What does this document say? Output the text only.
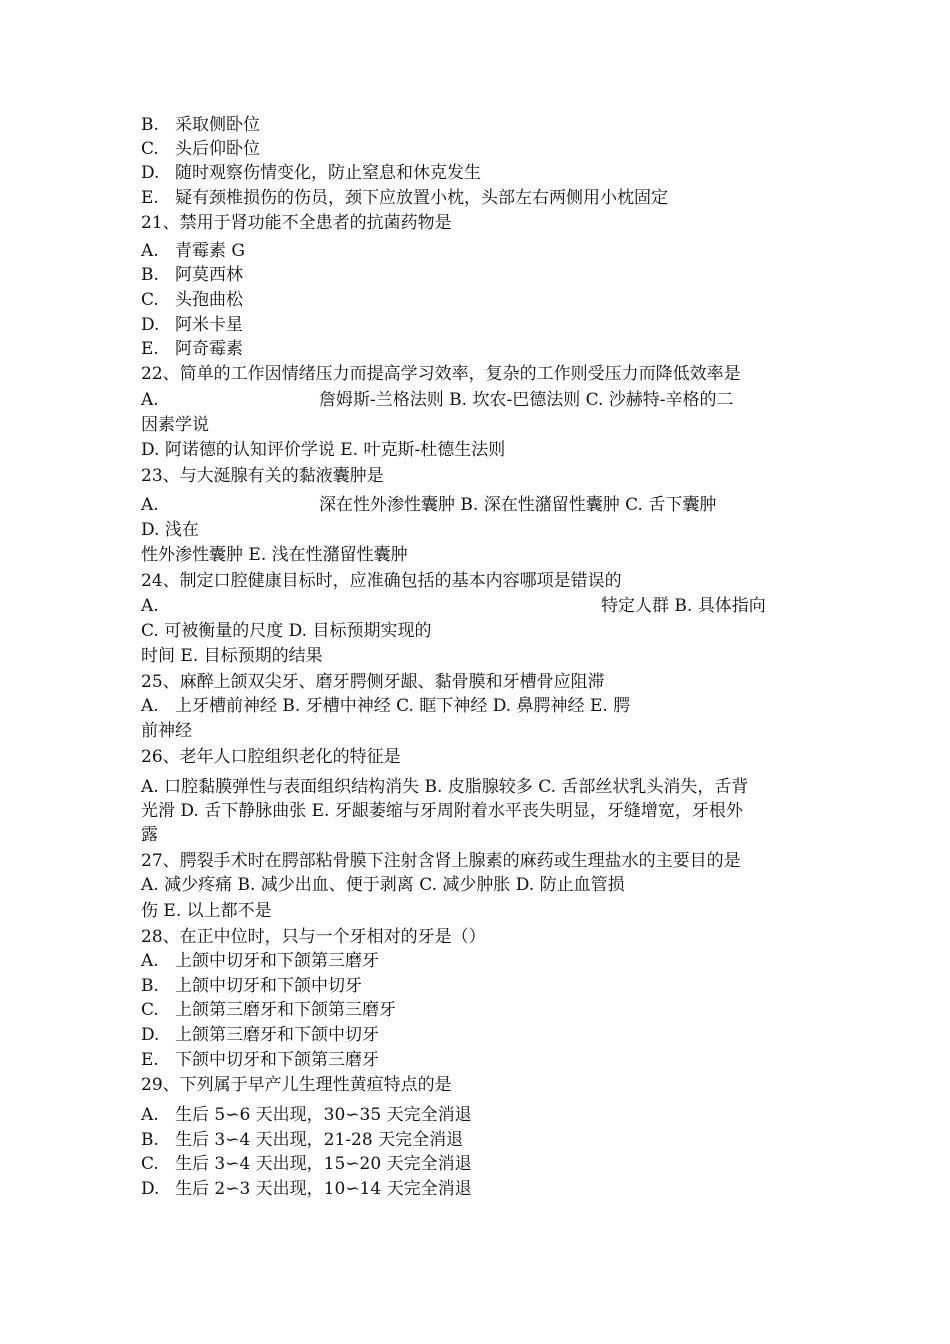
B. 采取侧卧位
C. 头后仰卧位
D. 随时观察伤情变化，防止窒息和休克发生
E. 疑有颈椎损伤的伤员，颈下应放置小枕，头部左右两侧用小枕固定
21、禁用于肾功能不全患者的抗菌药物是
A. 青霉素 G
B. 阿莫西林
C. 头孢曲松
D. 阿米卡星
E. 阿奇霉素
22、简单的工作因情绪压力而提高学习效率，复杂的工作则受压力而降低效率是
A.	詹姆斯-兰格法则 B. 坎农-巴德法则 C. 沙赫特-辛格的二
因素学说
D. 阿诺德的认知评价学说 E. 叶克斯-杜德生法则
23、与大涎腺有关的黏液囊肿是
A.	深在性外渗性囊肿 B. 深在性潴留性囊肿 C. 舌下囊肿
D. 浅在
性外渗性囊肿 E. 浅在性潴留性囊肿
24、制定口腔健康目标时，应准确包括的基本内容哪项是错误的
A.	特定人群 B. 具体指向
C. 可被衡量的尺度 D. 目标预期实现的
时间 E. 目标预期的结果
25、麻醉上颌双尖牙、磨牙腭侧牙龈、黏骨膜和牙槽骨应阻滞
A. 上牙槽前神经 B. 牙槽中神经 C. 眶下神经 D. 鼻腭神经 E. 腭
前神经
26、老年人口腔组织老化的特征是
A. 口腔黏膜弹性与表面组织结构消失 B. 皮脂腺较多 C. 舌部丝状乳头消失，舌背
光滑 D. 舌下静脉曲张 E. 牙龈萎缩与牙周附着水平丧失明显，牙缝增宽，牙根外
露
27、腭裂手术时在腭部粘骨膜下注射含肾上腺素的麻药或生理盐水的主要目的是
A. 减少疼痛 B. 减少出血、便于剥离 C. 减少肿胀 D. 防止血管损
伤 E. 以上都不是
28、在正中位时，只与一个牙相对的牙是（）
A. 上颌中切牙和下颌第三磨牙
B. 上颌中切牙和下颌中切牙
C. 上颌第三磨牙和下颌第三磨牙
D. 上颌第三磨牙和下颌中切牙
E. 下颌中切牙和下颌第三磨牙
29、下列属于早产儿生理性黄疸特点的是
A. 生后 5∽6 天出现，30∽35 天完全消退
B. 生后 3∽4 天出现，21-28 天完全消退
C. 生后 3∽4 天出现，15∽20 天完全消退
D. 生后 2∽3 天出现，10∽14 天完全消退
